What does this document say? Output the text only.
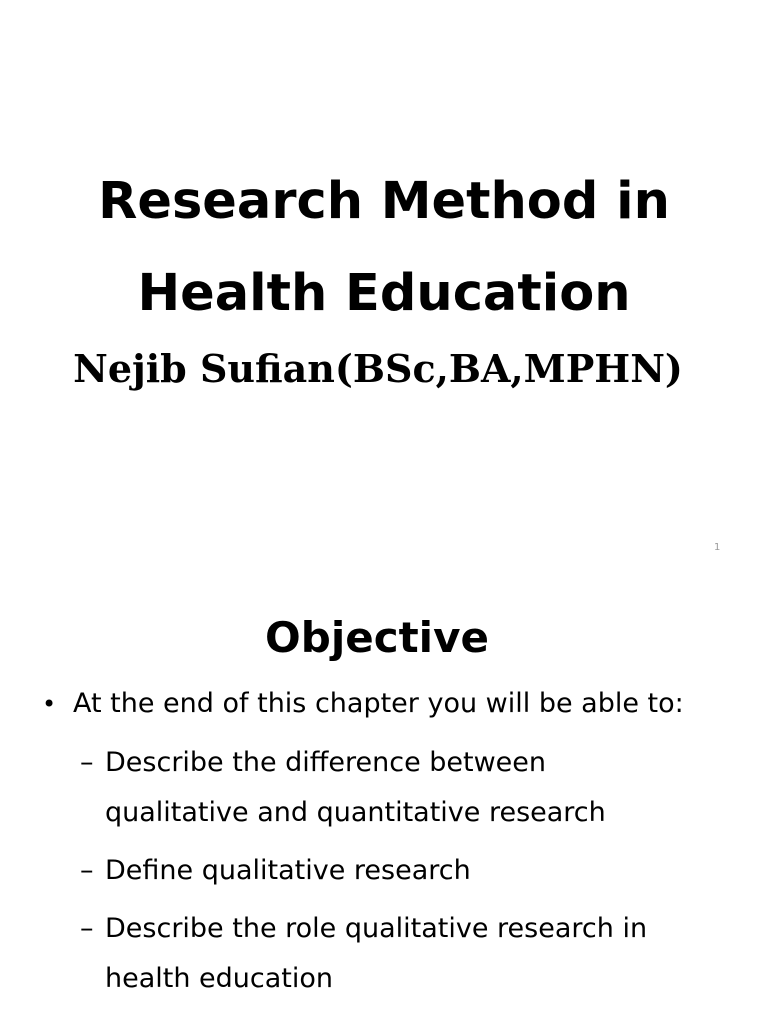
Research Method in
Health Education
Nejib Sufian(BSc,BA,MPHN)
1
Objective
• At the end of this chapter you will be able to:
– Describe the difference between
qualitative and quantitative research
– Define qualitative research
– Describe the role qualitative research in
health education
